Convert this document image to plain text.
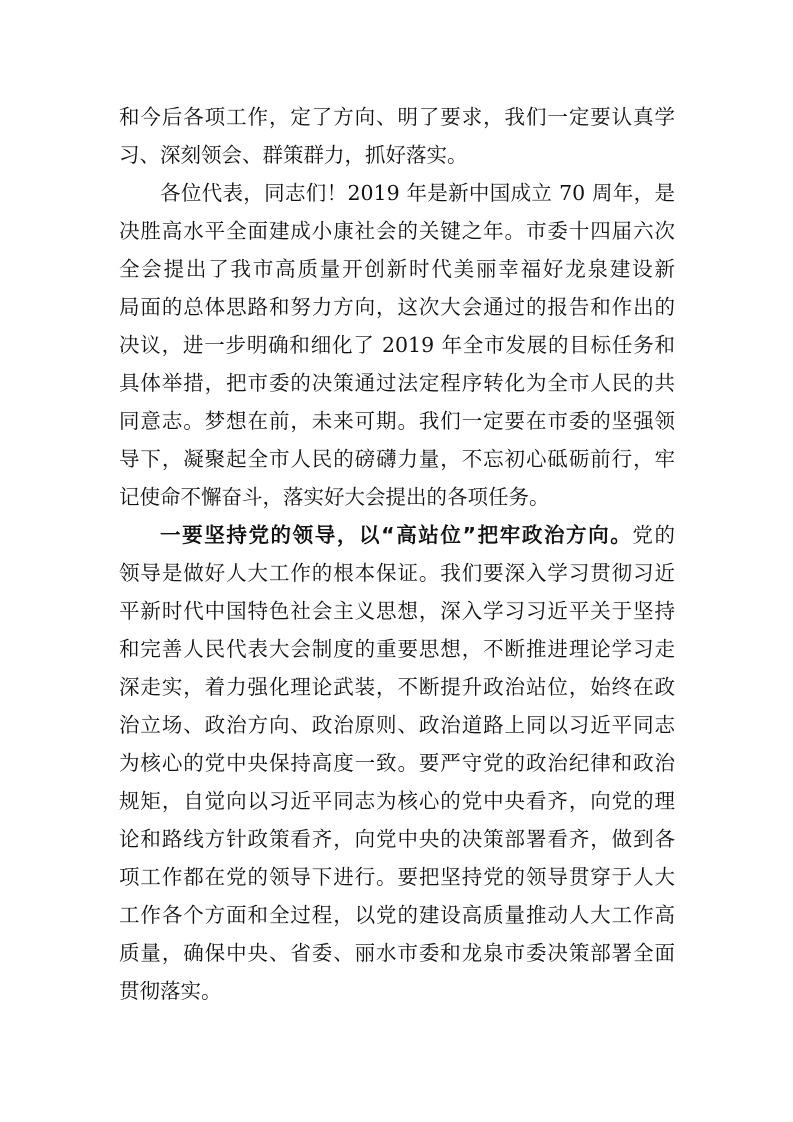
和今后各项工作，定了方向、明了要求，我们一定要认真学
习、深刻领会、群策群力，抓好落实。
各位代表，同志们！2019 年是新中国成立 70 周年，是
决胜高水平全面建成小康社会的关键之年。市委十四届六次
全会提出了我市高质量开创新时代美丽幸福好龙泉建设新
局面的总体思路和努力方向，这次大会通过的报告和作出的
决议，进一步明确和细化了 2019 年全市发展的目标任务和
具体举措，把市委的决策通过法定程序转化为全市人民的共
同意志。梦想在前，未来可期。我们一定要在市委的坚强领
导下，凝聚起全市人民的磅礴力量，不忘初心砥砺前行，牢
记使命不懈奋斗，落实好大会提出的各项任务。
一要坚持党的领导，以“高站位”把牢政治方向。党的
领导是做好人大工作的根本保证。我们要深入学习贯彻习近
平新时代中国特色社会主义思想，深入学习习近平关于坚持
和完善人民代表大会制度的重要思想，不断推进理论学习走
深走实，着力强化理论武装，不断提升政治站位，始终在政
治立场、政治方向、政治原则、政治道路上同以习近平同志
为核心的党中央保持高度一致。要严守党的政治纪律和政治
规矩，自觉向以习近平同志为核心的党中央看齐，向党的理
论和路线方针政策看齐，向党中央的决策部署看齐，做到各
项工作都在党的领导下进行。要把坚持党的领导贯穿于人大
工作各个方面和全过程，以党的建设高质量推动人大工作高
质量，确保中央、省委、丽水市委和龙泉市委决策部署全面
贯彻落实。
